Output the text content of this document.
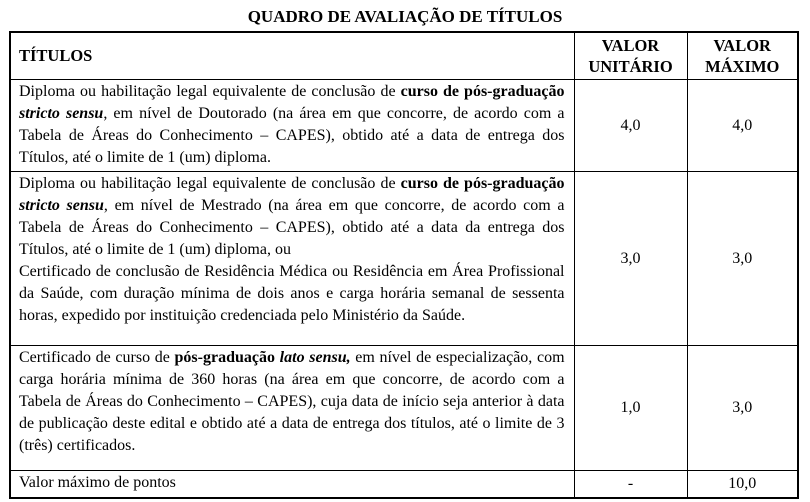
QUADRO DE AVALIAÇÃO DE TÍTULOS
TÍTULOS	VALOR UNITÁRIO	VALOR MÁXIMO
Diploma ou habilitação legal equivalente de conclusão de curso de pós-graduação stricto sensu, em nível de Doutorado (na área em que concorre, de acordo com a Tabela de Áreas do Conhecimento – CAPES), obtido até a data de entrega dos Títulos, até o limite de 1 (um) diploma.	4,0	4,0
Diploma ou habilitação legal equivalente de conclusão de curso de pós-graduação stricto sensu, em nível de Mestrado (na área em que concorre, de acordo com a Tabela de Áreas do Conhecimento – CAPES), obtido até a data da entrega dos Títulos, até o limite de 1 (um) diploma, ou
Certificado de conclusão de Residência Médica ou Residência em Área Profissional da Saúde, com duração mínima de dois anos e carga horária semanal de sessenta horas, expedido por instituição credenciada pelo Ministério da Saúde.	3,0	3,0
Certificado de curso de pós-graduação lato sensu, em nível de especialização, com carga horária mínima de 360 horas (na área em que concorre, de acordo com a Tabela de Áreas do Conhecimento – CAPES), cuja data de início seja anterior à data de publicação deste edital e obtido até a data de entrega dos títulos, até o limite de 3 (três) certificados.	1,0	3,0
Valor máximo de pontos	-	10,0
